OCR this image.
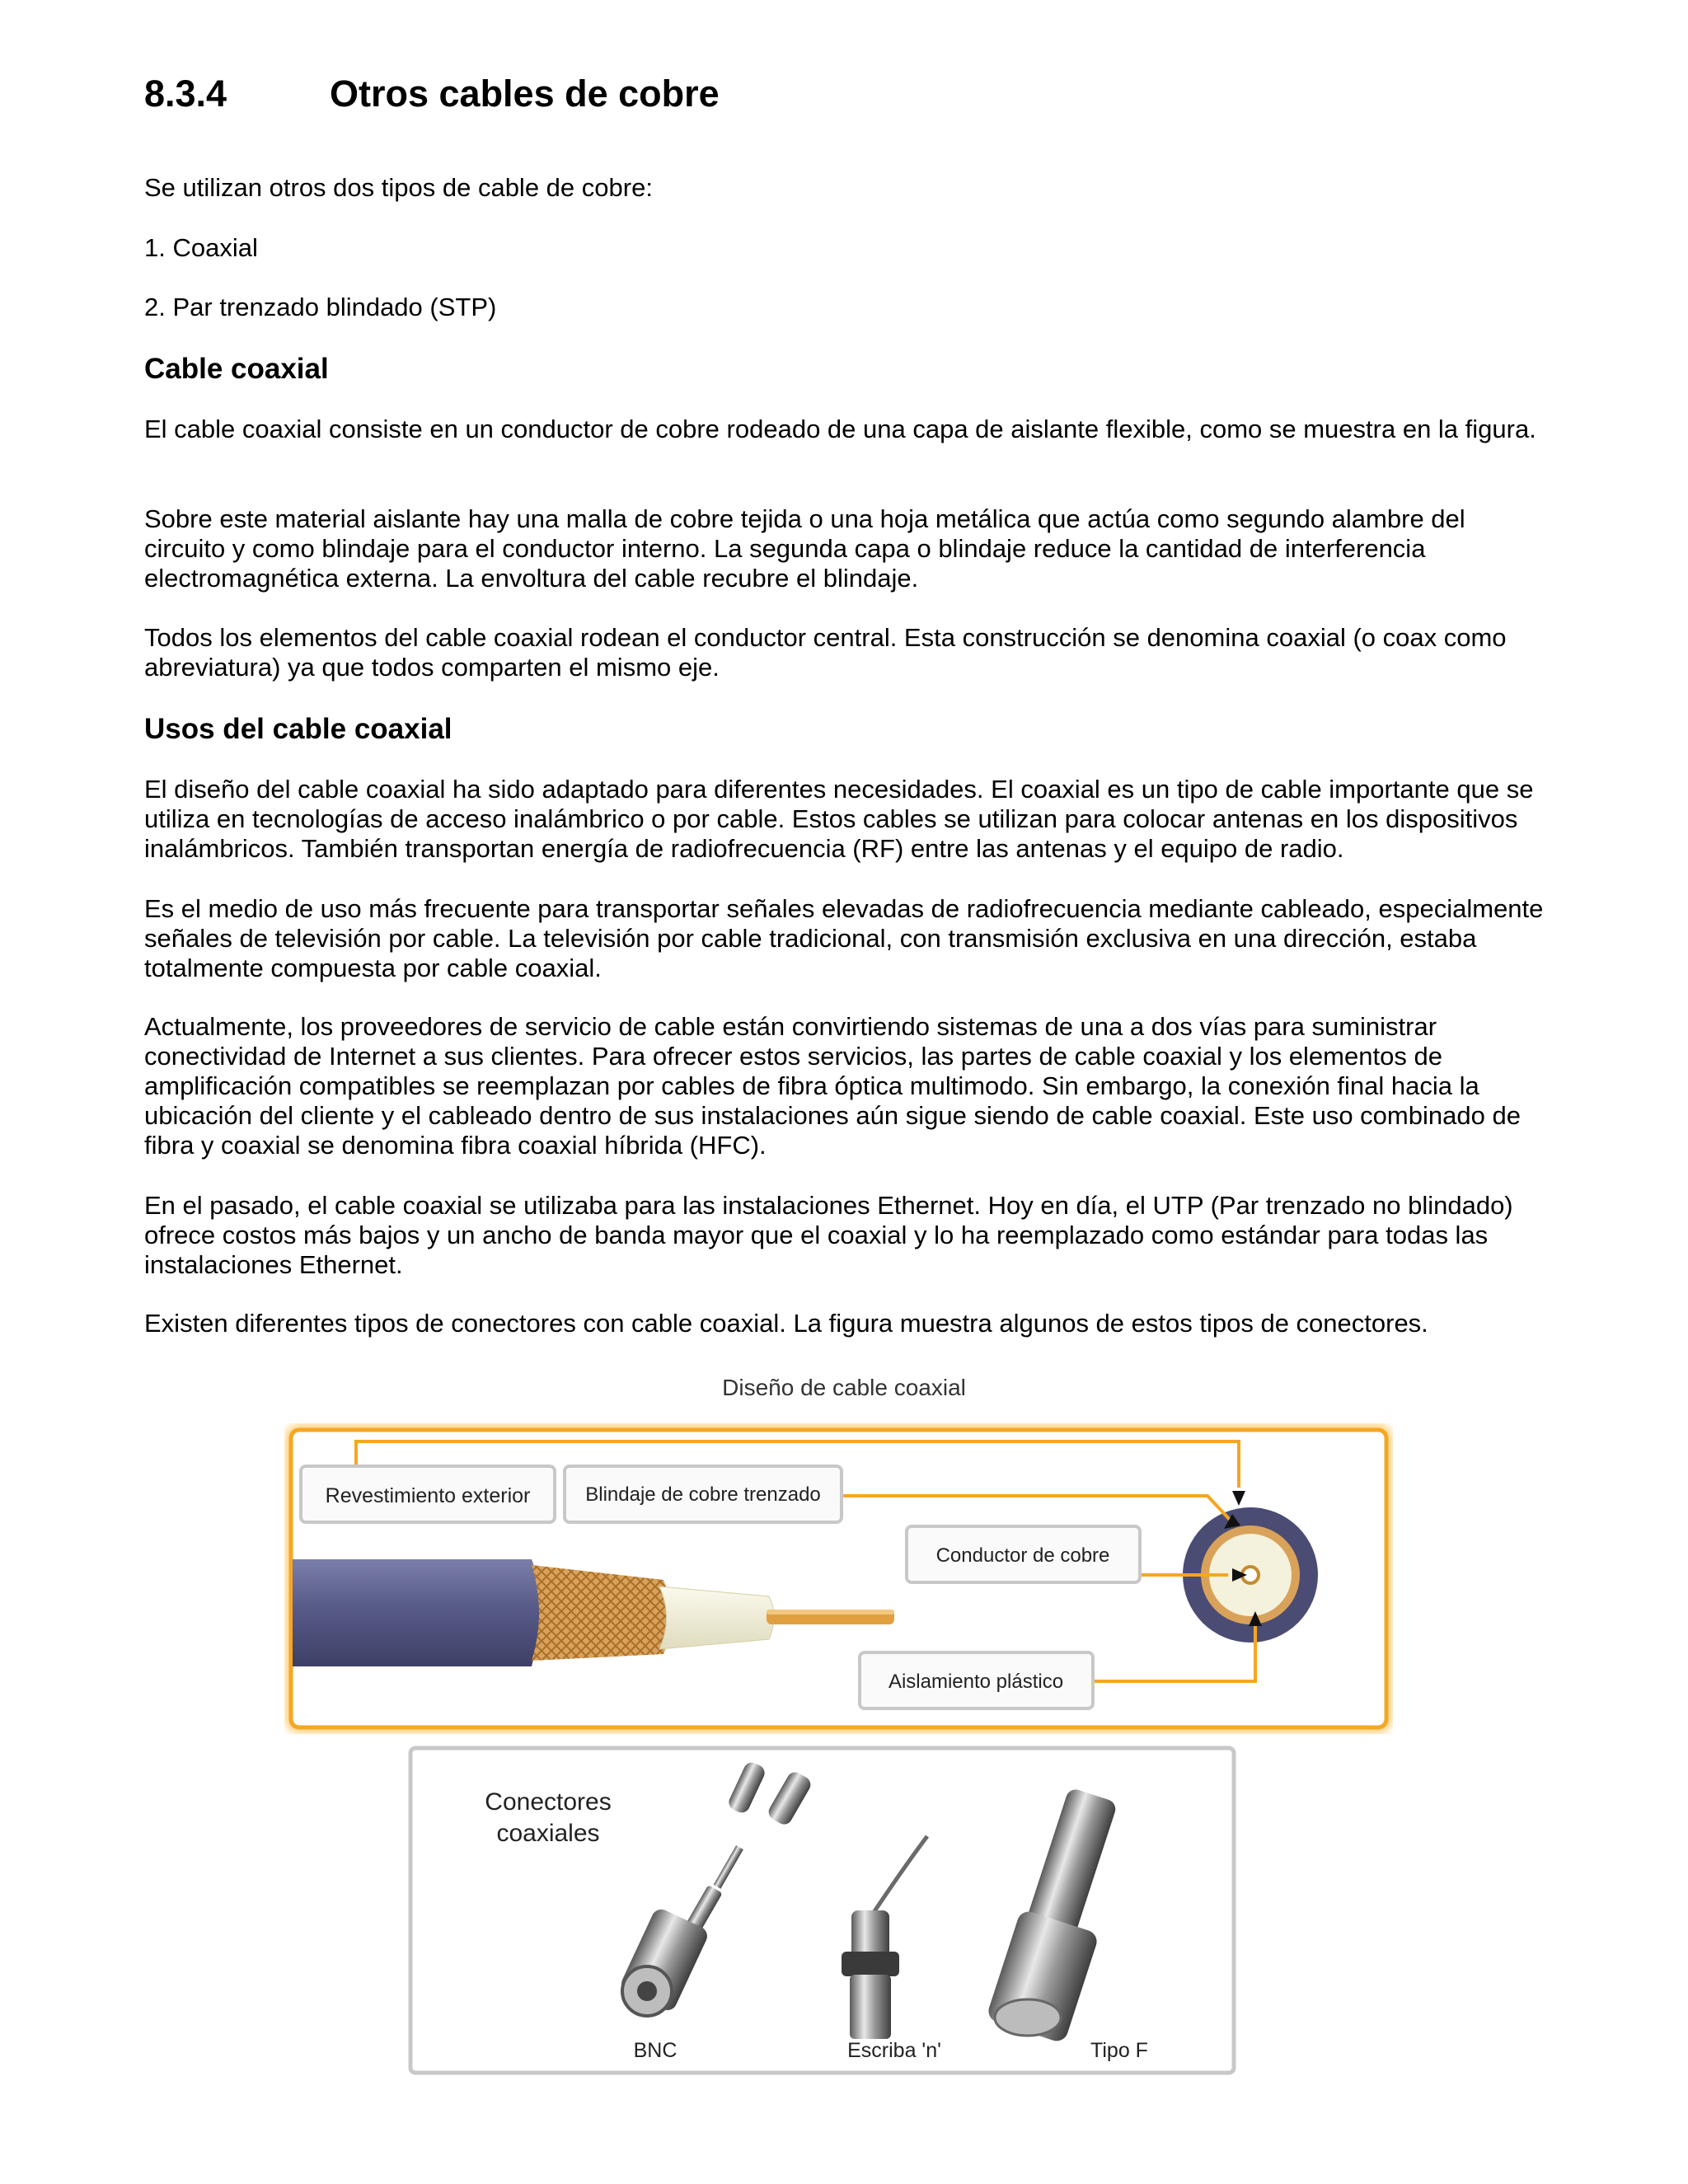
8.3.4	Otros cables de cobre

Se utilizan otros dos tipos de cable de cobre:

1. Coaxial

2. Par trenzado blindado (STP)

Cable coaxial

El cable coaxial consiste en un conductor de cobre rodeado de una capa de aislante flexible, como se muestra en la figura.

Sobre este material aislante hay una malla de cobre tejida o una hoja metálica que actúa como segundo alambre del circuito y como blindaje para el conductor interno. La segunda capa o blindaje reduce la cantidad de interferencia electromagnética externa. La envoltura del cable recubre el blindaje.

Todos los elementos del cable coaxial rodean el conductor central. Esta construcción se denomina coaxial (o coax como abreviatura) ya que todos comparten el mismo eje.

Usos del cable coaxial

El diseño del cable coaxial ha sido adaptado para diferentes necesidades. El coaxial es un tipo de cable importante que se utiliza en tecnologías de acceso inalámbrico o por cable. Estos cables se utilizan para colocar antenas en los dispositivos inalámbricos. También transportan energía de radiofrecuencia (RF) entre las antenas y el equipo de radio.

Es el medio de uso más frecuente para transportar señales elevadas de radiofrecuencia mediante cableado, especialmente señales de televisión por cable. La televisión por cable tradicional, con transmisión exclusiva en una dirección, estaba totalmente compuesta por cable coaxial.

Actualmente, los proveedores de servicio de cable están convirtiendo sistemas de una a dos vías para suministrar conectividad de Internet a sus clientes. Para ofrecer estos servicios, las partes de cable coaxial y los elementos de amplificación compatibles se reemplazan por cables de fibra óptica multimodo. Sin embargo, la conexión final hacia la ubicación del cliente y el cableado dentro de sus instalaciones aún sigue siendo de cable coaxial. Este uso combinado de fibra y coaxial se denomina fibra coaxial híbrida (HFC).

En el pasado, el cable coaxial se utilizaba para las instalaciones Ethernet. Hoy en día, el UTP (Par trenzado no blindado) ofrece costos más bajos y un ancho de banda mayor que el coaxial y lo ha reemplazado como estándar para todas las instalaciones Ethernet.

Existen diferentes tipos de conectores con cable coaxial. La figura muestra algunos de estos tipos de conectores.

Diseño de cable coaxial
Revestimiento exterior	Blindaje de cobre trenzado
Conductor de cobre
Aislamiento plástico
Conectores
coaxiales
BNC	Escriba 'n'	Tipo F
